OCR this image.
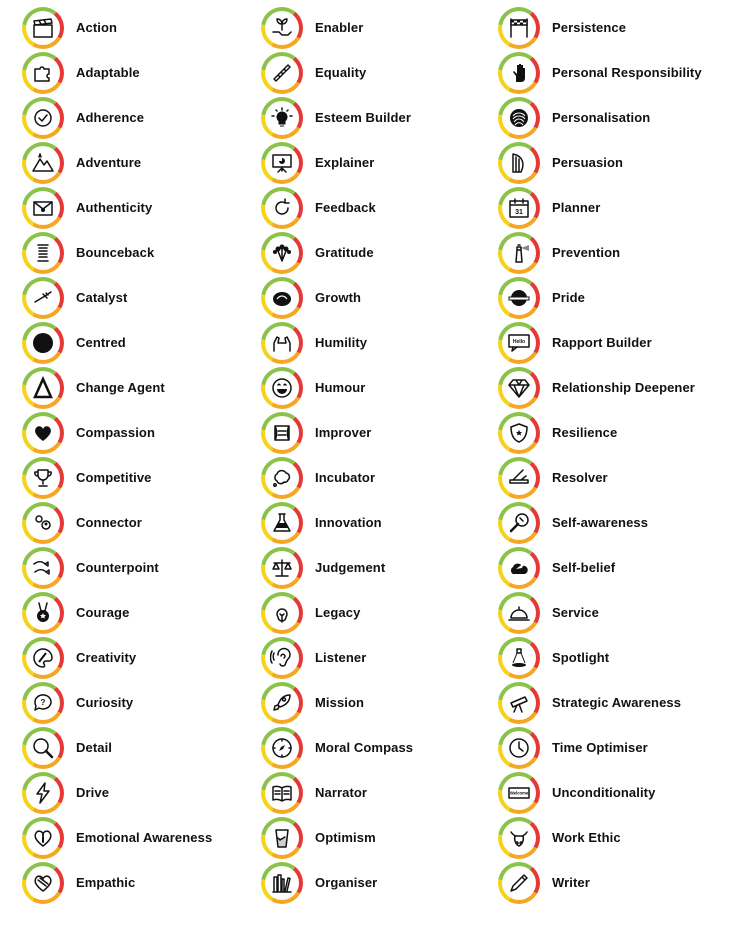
Action
Adaptable
Adherence
Adventure
Authenticity
Bounceback
Catalyst
Centred
Change Agent
Compassion
Competitive
Connector
Counterpoint
Courage
Creativity
? Curiosity
Detail
Drive
Emotional Awareness
Empathic
Enabler
Equality
Esteem Builder
Explainer
Feedback
Gratitude
Growth
Humility
Humour
Improver
Incubator
Innovation
Judgement
Legacy
Listener
Mission
Moral Compass
Narrator
Optimism
Organiser
Persistence
Personal Responsibility
Personalisation
Persuasion
31 Planner
Prevention
Pride
Hello Rapport Builder
Relationship Deepener
Resilience
Resolver
Self-awareness
Self-belief
Service
Spotlight
Strategic Awareness
Time Optimiser
Welcome Unconditionality
Work Ethic
Writer
